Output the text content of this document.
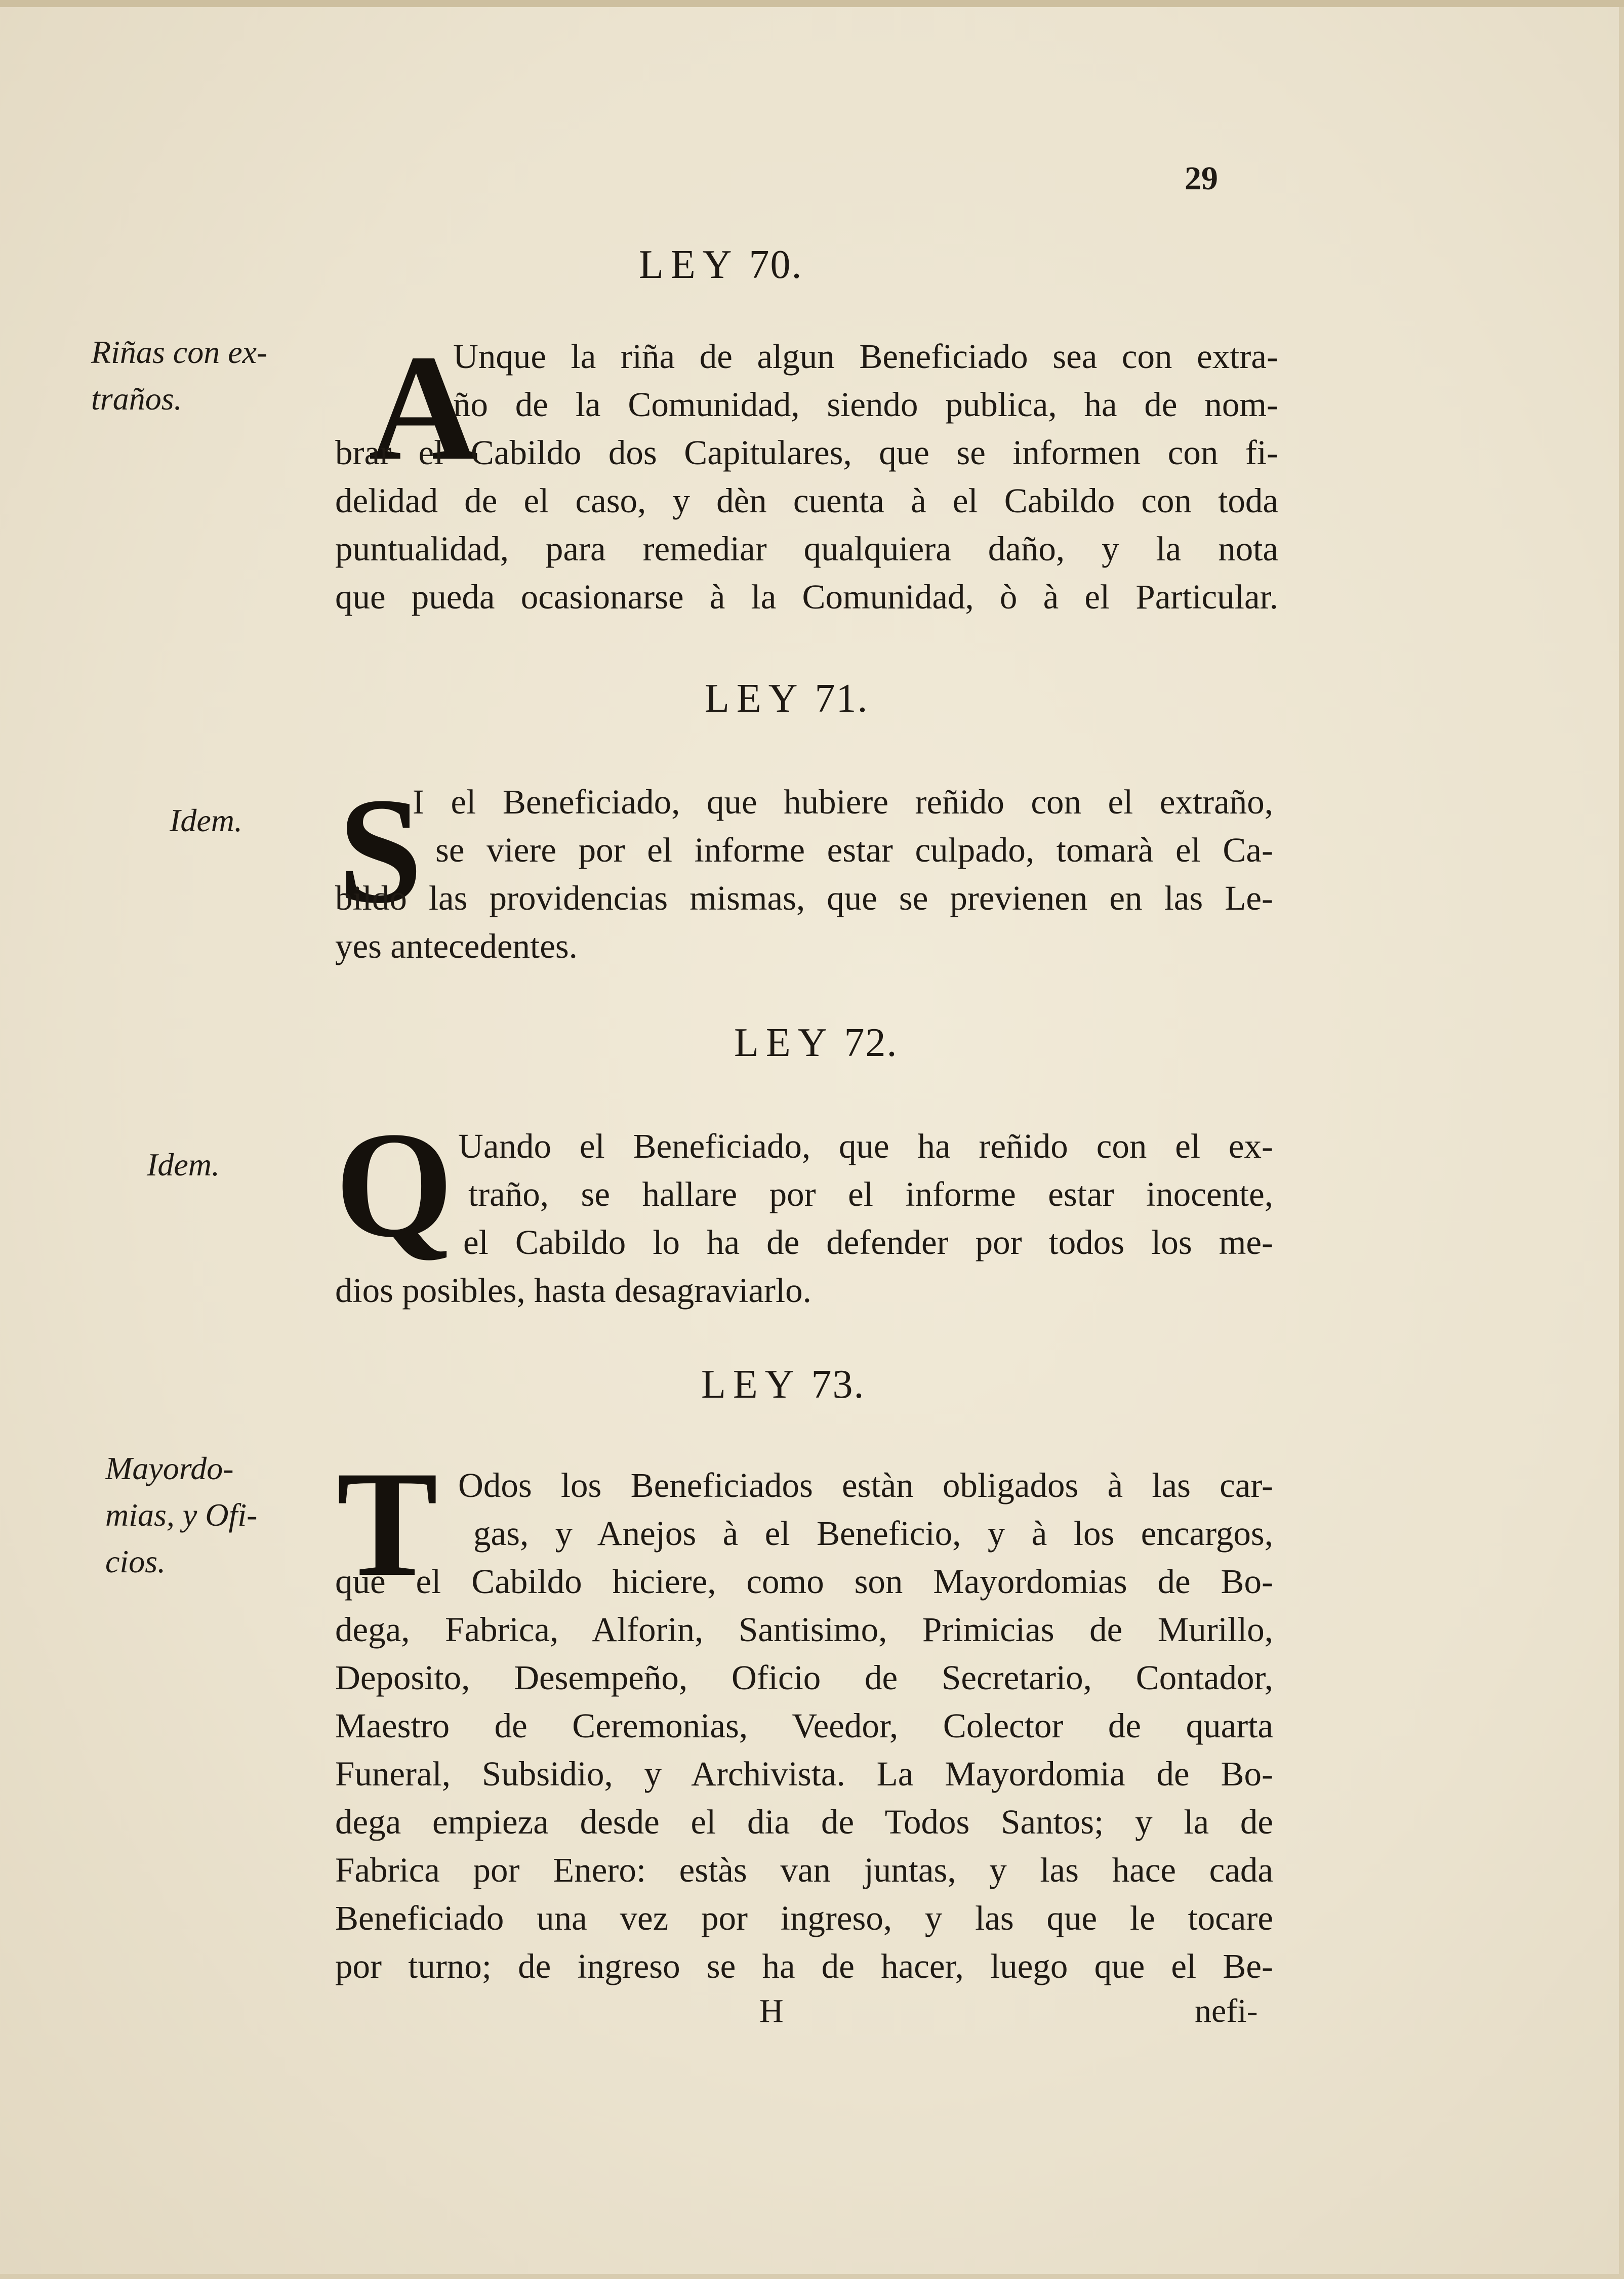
29
LEY 70.
Riñas con ex-
traños.	A
Unque la riña de algun Beneficiado sea con extra-
ño de la Comunidad, siendo publica, ha de nom-
brar el Cabildo dos Capitulares, que se informen con fi-
delidad de el caso, y dèn cuenta à el Cabildo con toda
puntualidad, para remediar qualquiera daño, y la nota
que pueda ocasionarse à la Comunidad, ò à el Particular.
LEY 71.
Idem. S
I el Beneficiado, que hubiere reñido con el extraño,
se viere por el informe estar culpado, tomarà el Ca-
bildo las providencias mismas, que se previenen en las Le-
yes antecedentes.
LEY 72.
Idem. Q Uando el Beneficiado, que ha reñido con el ex-
traño, se hallare por el informe estar inocente,
el Cabildo lo ha de defender por todos los me-
dios posibles, hasta desagraviarlo.
LEY 73.
Mayordo-
mias, y Ofi-
cios.	T Odos los Beneficiados estàn obligados à las car-
gas, y Anejos à el Beneficio, y à los encargos,
que el Cabildo hiciere, como son Mayordomias de Bo-
dega, Fabrica, Alforin, Santisimo, Primicias de Murillo,
Deposito, Desempeño, Oficio de Secretario, Contador,
Maestro de Ceremonias, Veedor, Colector de quarta
Funeral, Subsidio, y Archivista. La Mayordomia de Bo-
dega empieza desde el dia de Todos Santos; y la de
Fabrica por Enero: estàs van juntas, y las hace cada
Beneficiado una vez por ingreso, y las que le tocare
por turno; de ingreso se ha de hacer, luego que el Be-
H	nefi-
